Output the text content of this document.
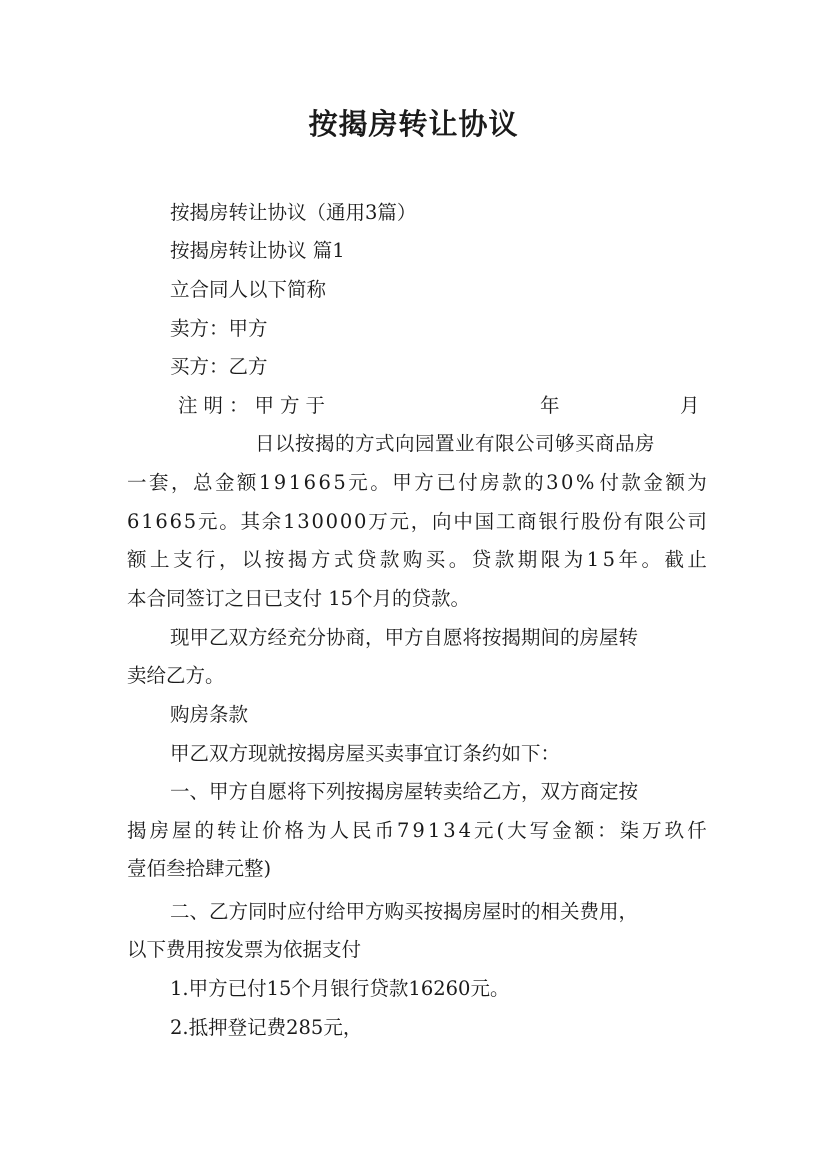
按揭房转让协议
按揭房转让协议（通用3篇）
按揭房转让协议 篇1
立合同人以下简称
卖方：甲方
买方：乙方
注明：甲方于	年	月
日以按揭的方式向园置业有限公司够买商品房
一 套 ， 总 金 额 1 9 1 6 6 5 元 。 甲 方 已 付 房 款 的 3 0 % 付 款 金 额 为
6 1 6 6 5 元 。 其 余 1 3 0 0 0 0 万 元 ， 向 中 国 工 商 银 行 股 份 有 限 公 司
额 上 支 行 ， 以 按 揭 方 式 贷 款 购 买 。 贷 款 期 限 为 1 5 年 。 截 止
本合同签订之日已支付 15个月的贷款。
现甲乙双方经充分协商，甲方自愿将按揭期间的房屋转
卖给乙方。
购房条款
甲乙双方现就按揭房屋买卖事宜订条约如下：
一、甲方自愿将下列按揭房屋转卖给乙方，双方商定按
揭 房 屋 的 转 让 价 格 为 人 民 币 7 9 1 3 4 元 ( 大 写 金 额 ： 柒 万 玖 仟
壹佰叁拾肆元整)
二、乙方同时应付给甲方购买按揭房屋时的相关费用，
以下费用按发票为依据支付
1.甲方已付15个月银行贷款16260元。
2.抵押登记费285元，
